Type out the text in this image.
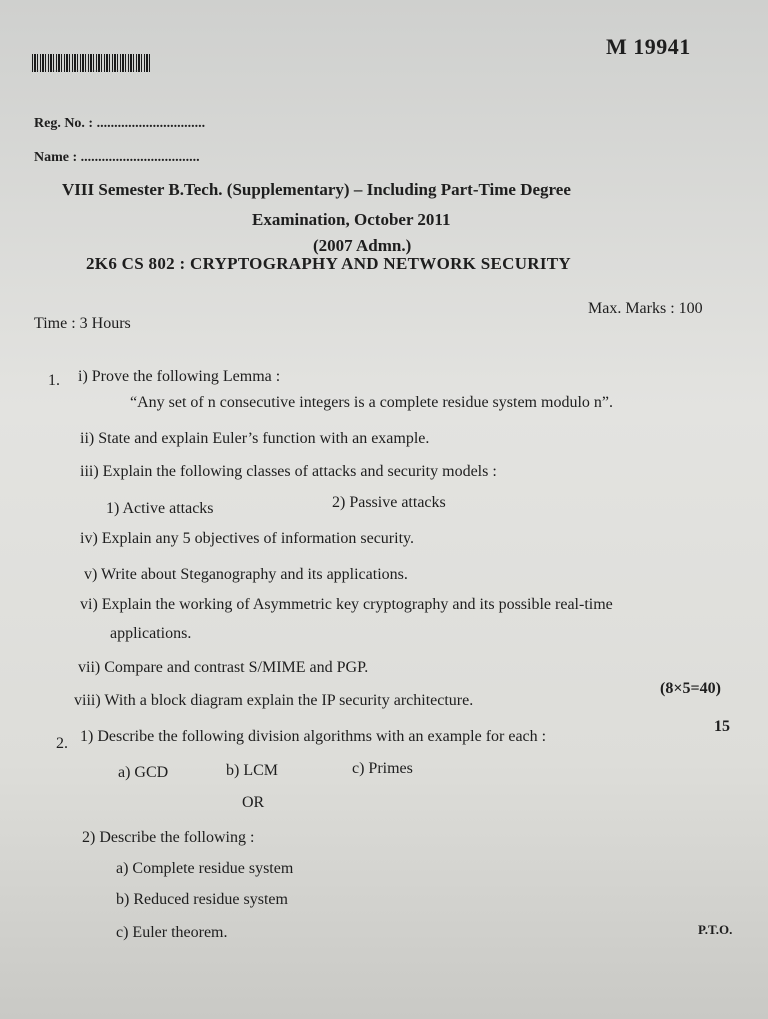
M 19941
Reg. No. : ...............................
Name : ..................................
VIII Semester B.Tech. (Supplementary) – Including Part-Time Degree
Examination, October 2011
(2007 Admn.)
2K6 CS 802 : CRYPTOGRAPHY AND NETWORK SECURITY
Time : 3 Hours
Max. Marks : 100
1. i) Prove the following Lemma :
“Any set of n consecutive integers is a complete residue system modulo n”.
ii) State and explain Euler’s function with an example.
iii) Explain the following classes of attacks and security models :
1) Active attacks	2) Passive attacks
iv) Explain any 5 objectives of information security.
v) Write about Steganography and its applications.
vi) Explain the working of Asymmetric key cryptography and its possible real-time
applications.
vii) Compare and contrast S/MIME and PGP.
viii) With a block diagram explain the IP security architecture.
(8×5=40)
2. 1) Describe the following division algorithms with an example for each :
15
a) GCD	b) LCM	c) Primes
OR
2) Describe the following :
a) Complete residue system
b) Reduced residue system
c) Euler theorem.	P.T.O.
